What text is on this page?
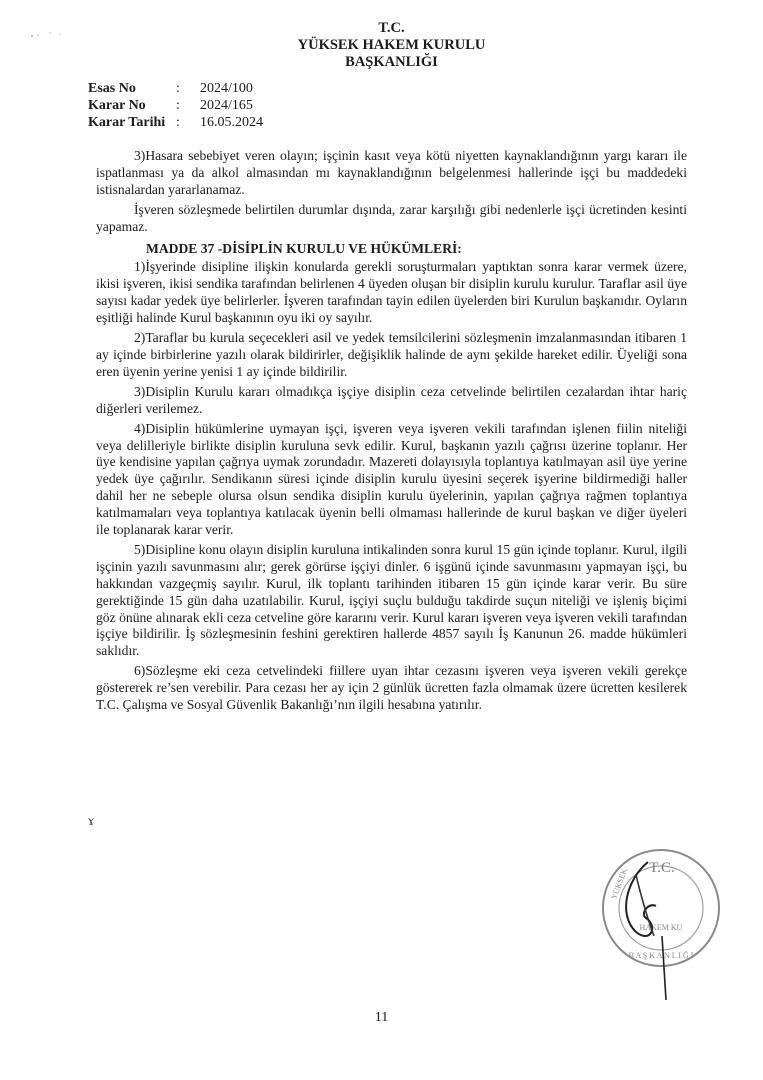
T.C.
YÜKSEK HAKEM KURULU
BAŞKANLIĞI
Esas No	:	2024/100
Karar No	:	2024/165
Karar Tarihi :	16.05.2024

3)Hasara sebebiyet veren olayın; işçinin kasıt veya kötü niyetten kaynaklandığının yargı kararı ile ispatlanması ya da alkol almasından mı kaynaklandığının belgelenmesi hallerinde işçi bu maddedeki istisnalardan yararlanamaz.

İşveren sözleşmede belirtilen durumlar dışında, zarar karşılığı gibi nedenlerle işçi ücretinden kesinti yapamaz.

MADDE 37 -DİSİPLİN KURULU VE HÜKÜMLERİ:

1)İşyerinde disipline ilişkin konularda gerekli soruşturmaları yaptıktan sonra karar vermek üzere, ikisi işveren, ikisi sendika tarafından belirlenen 4 üyeden oluşan bir disiplin kurulu kurulur. Taraflar asil üye sayısı kadar yedek üye belirlerler. İşveren tarafından tayin edilen üyelerden biri Kurulun başkanıdır. Oyların eşitliği halinde Kurul başkanının oyu iki oy sayılır.

2)Taraflar bu kurula seçecekleri asil ve yedek temsilcilerini sözleşmenin imzalanmasından itibaren 1 ay içinde birbirlerine yazılı olarak bildirirler, değişiklik halinde de aynı şekilde hareket edilir. Üyeliği sona eren üyenin yerine yenisi 1 ay içinde bildirilir.

3)Disiplin Kurulu kararı olmadıkça işçiye disiplin ceza cetvelinde belirtilen cezalardan ihtar hariç diğerleri verilemez.

4)Disiplin hükümlerine uymayan işçi, işveren veya işveren vekili tarafından işlenen fiilin niteliği veya delilleriyle birlikte disiplin kuruluna sevk edilir. Kurul, başkanın yazılı çağrısı üzerine toplanır. Her üye kendisine yapılan çağrıya uymak zorundadır. Mazereti dolayısıyla toplantıya katılmayan asil üye yerine yedek üye çağırılır. Sendikanın süresi içinde disiplin kurulu üyesini seçerek işyerine bildirmediği haller dahil her ne sebeple olursa olsun sendika disiplin kurulu üyelerinin, yapılan çağrıya rağmen toplantıya katılmamaları veya toplantıya katılacak üyenin belli olmaması hallerinde de kurul başkan ve diğer üyeleri ile toplanarak karar verir.

5)Disipline konu olayın disiplin kuruluna intikalinden sonra kurul 15 gün içinde toplanır. Kurul, ilgili işçinin yazılı savunmasını alır; gerek görürse işçiyi dinler. 6 işgünü içinde savunmasını yapmayan işçi, bu hakkından vazgeçmiş sayılır. Kurul, ilk toplantı tarihinden itibaren 15 gün içinde karar verir. Bu süre gerektiğinde 15 gün daha uzatılabilir. Kurul, işçiyi suçlu bulduğu takdirde suçun niteliği ve işleniş biçimi göz önüne alınarak ekli ceza cetveline göre kararını verir. Kurul kararı işveren veya işveren vekili tarafından işçiye bildirilir. İş sözleşmesinin feshini gerektiren hallerde 4857 sayılı İş Kanunun 26. madde hükümleri saklıdır.

6)Sözleşme eki ceza cetvelindeki fiillere uyan ihtar cezasını işveren veya işveren vekili gerekçe göstererek re’sen verebilir. Para cezası her ay için 2 günlük ücretten fazla olmamak üzere ücretten kesilerek T.C. Çalışma ve Sosyal Güvenlik Bakanlığı’nın ilgili hesabına yatırılır.

ɤ
T.C.
YÜKSEK
HAKEM KU
B A Ş K A N L I Ğ I
11
